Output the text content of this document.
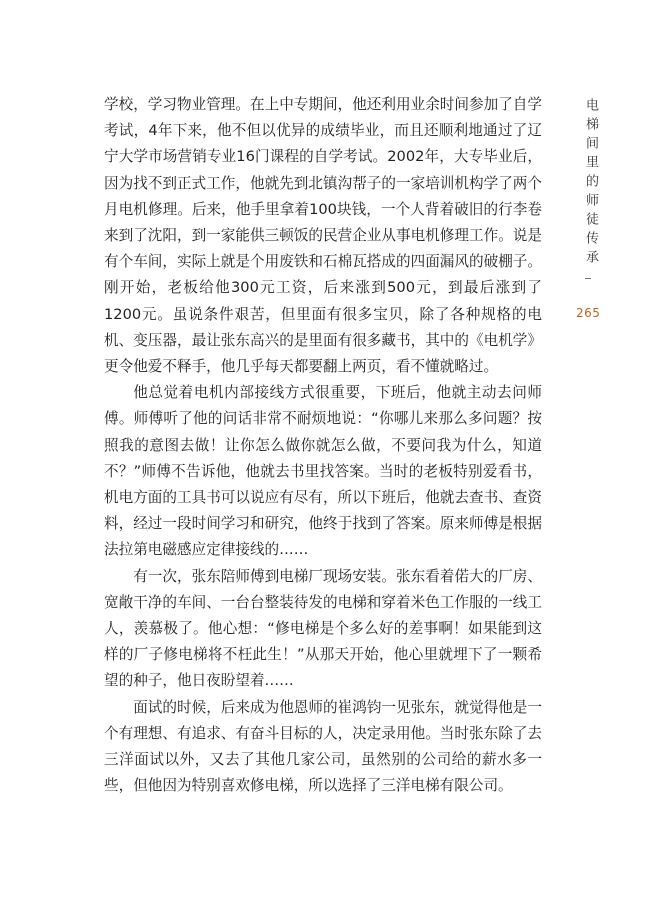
学校，学习物业管理。在上中专期间，他还利用业余时间参加了自学考试，4年下来，他不但以优异的成绩毕业，而且还顺利地通过了辽宁大学市场营销专业16门课程的自学考试。2002年，大专毕业后，因为找不到正式工作，他就先到北镇沟帮子的一家培训机构学了两个月电机修理。后来，他手里拿着100块钱，一个人背着破旧的行李卷来到了沈阳，到一家能供三顿饭的民营企业从事电机修理工作。说是有个车间，实际上就是个用废铁和石棉瓦搭成的四面漏风的破棚子。刚开始，老板给他300元工资，后来涨到500元，到最后涨到了1200元。虽说条件艰苦，但里面有很多宝贝，除了各种规格的电机、变压器，最让张东高兴的是里面有很多藏书，其中的《电机学》更令他爱不释手，他几乎每天都要翻上两页，看不懂就略过。

他总觉着电机内部接线方式很重要，下班后，他就主动去问师傅。师傅听了他的问话非常不耐烦地说：“你哪儿来那么多问题？按照我的意图去做！让你怎么做你就怎么做，不要问我为什么，知道不？”师傅不告诉他，他就去书里找答案。当时的老板特别爱看书，机电方面的工具书可以说应有尽有，所以下班后，他就去查书、查资料，经过一段时间学习和研究，他终于找到了答案。原来师傅是根据法拉第电磁感应定律接线的……

有一次，张东陪师傅到电梯厂现场安装。张东看着偌大的厂房、宽敞干净的车间、一台台整装待发的电梯和穿着米色工作服的一线工人，羡慕极了。他心想：“修电梯是个多么好的差事啊！如果能到这样的厂子修电梯将不枉此生！”从那天开始，他心里就埋下了一颗希望的种子，他日夜盼望着……

面试的时候，后来成为他恩师的崔鸿钧一见张东，就觉得他是一个有理想、有追求、有奋斗目标的人，决定录用他。当时张东除了去三洋面试以外，又去了其他几家公司，虽然别的公司给的薪水多一些，但他因为特别喜欢修电梯，所以选择了三洋电梯有限公司。

电梯间里的师徒传承
265
